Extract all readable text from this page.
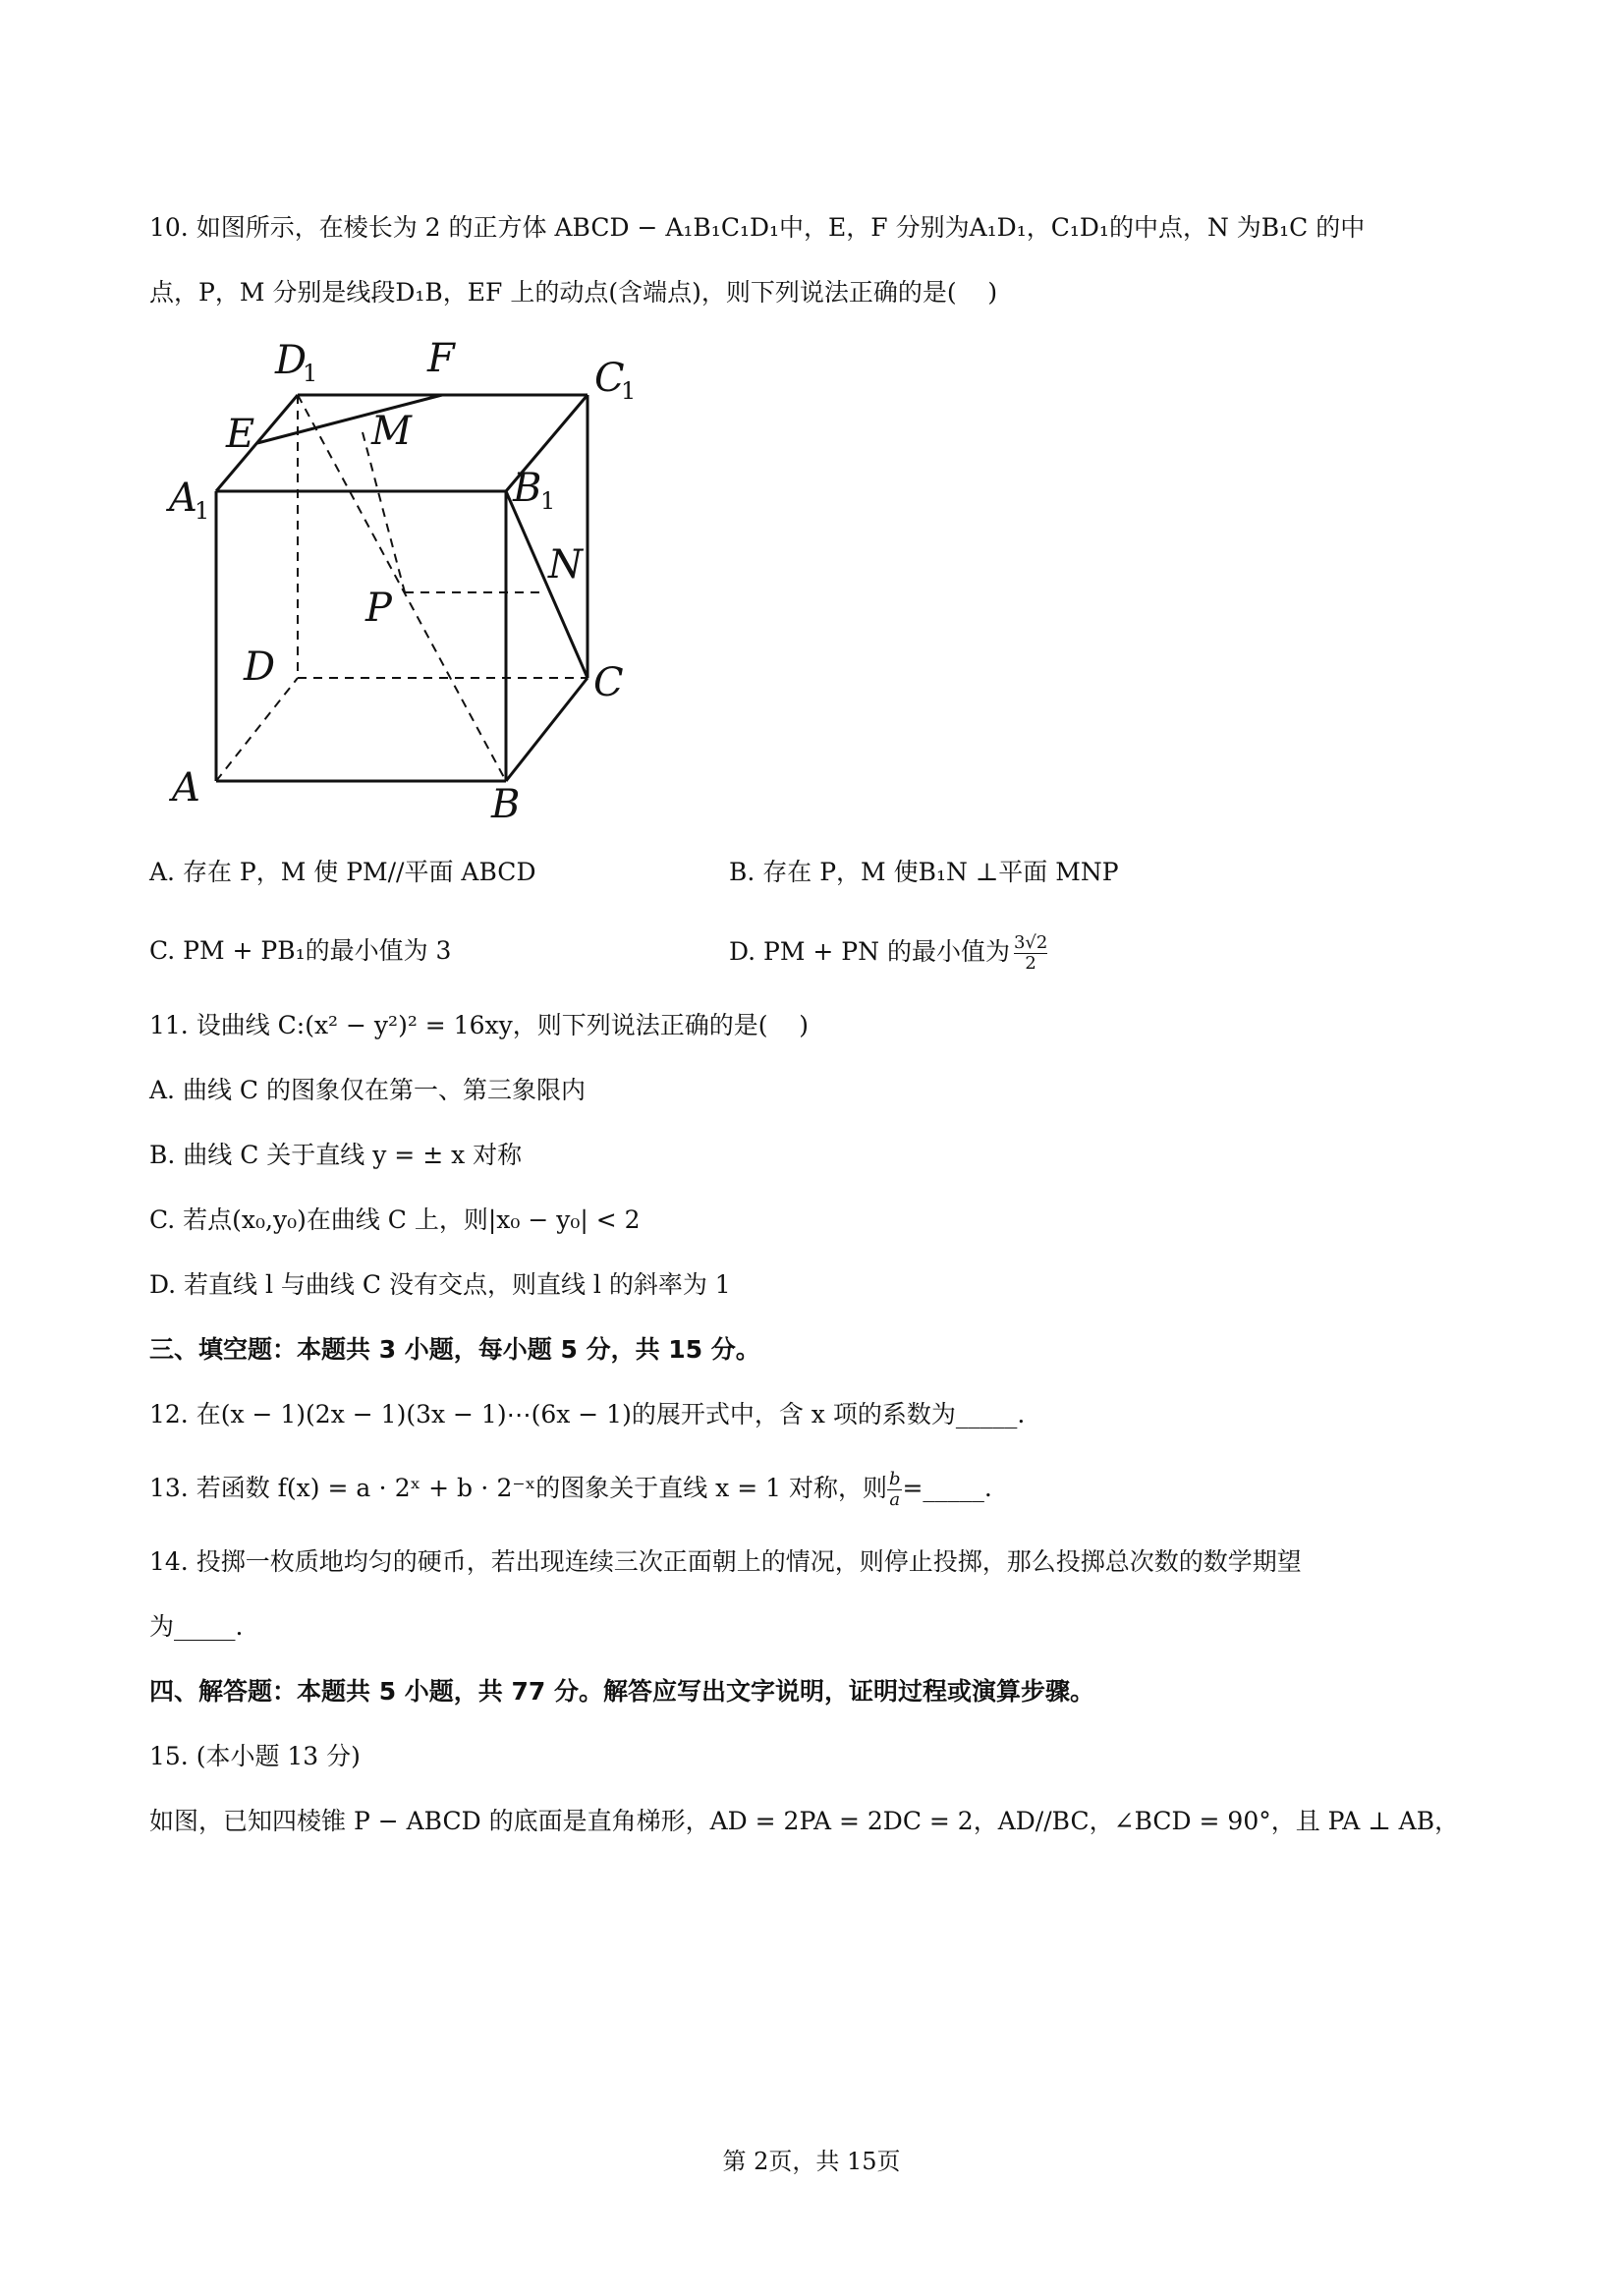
10. 如图所示，在棱长为 2 的正方体 ABCD − A₁B₁C₁D₁中，E，F 分别为A₁D₁，C₁D₁的中点，N 为B₁C 的中
点，P，M 分别是线段D₁B，EF 上的动点(含端点)，则下列说法正确的是(    )
D
1	F	C
1
E	M
A
1	B
1
N
P
D	C
A	B
A. 存在 P，M 使 PM//平面 ABCD	B. 存在 P，M 使B₁N ⊥平面 MNP
C. PM + PB₁的最小值为 3	D. PM + PN 的最小值为 $\frac{3√2}{2}$
11. 设曲线 C:(x² − y²)² = 16xy，则下列说法正确的是(    )
A. 曲线 C 的图象仅在第一、第三象限内
B. 曲线 C 关于直线 y = ± x 对称
C. 若点(x₀,y₀)在曲线 C 上，则|x₀ − y₀| < 2
D. 若直线 l 与曲线 C 没有交点，则直线 l 的斜率为 1
三、填空题：本题共 3 小题，每小题 5 分，共 15 分。
12. 在(x − 1)(2x − 1)(3x − 1)⋯(6x − 1)的展开式中，含 x 项的系数为_____.
13. 若函数 f(x) = a ⋅ 2ˣ + b ⋅ 2⁻ˣ的图象关于直线 x = 1 对称，则 $\frac{b}{a}$ =_____.
14. 投掷一枚质地均匀的硬币，若出现连续三次正面朝上的情况，则停止投掷，那么投掷总次数的数学期望
为_____.
四、解答题：本题共 5 小题，共 77 分。解答应写出文字说明，证明过程或演算步骤。
15. (本小题 13 分)
如图，已知四棱锥 P − ABCD 的底面是直角梯形，AD = 2PA = 2DC = 2，AD//BC，∠BCD = 90°，且 PA ⊥ AB，
第 2页，共 15页
